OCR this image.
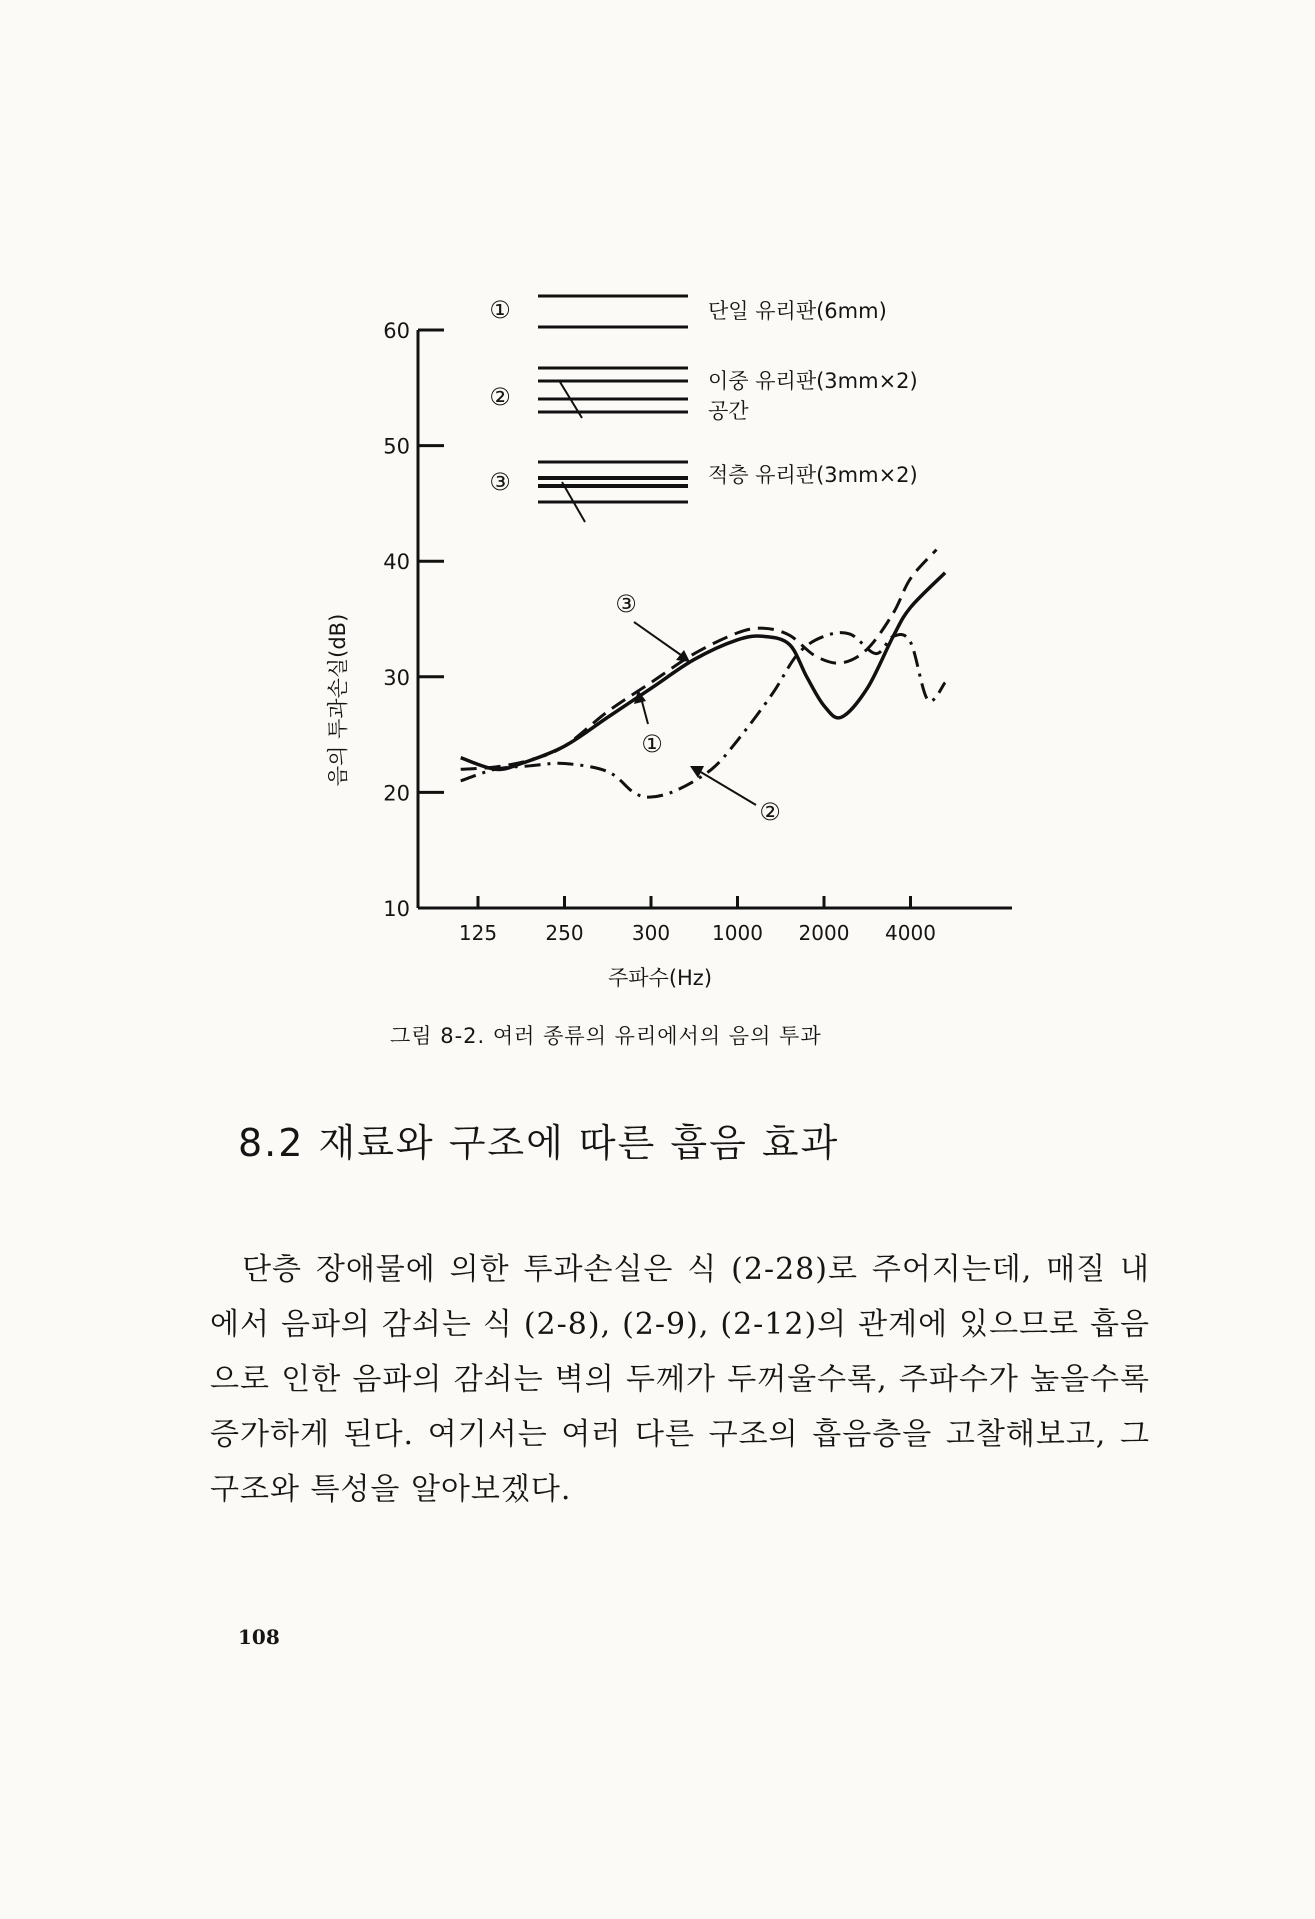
60
50
40
30
20
10
125 250 300 1000 2000 4000
음의 투과손실(dB)
주파수(Hz)
①	단일 유리판(6mm)
②
이중 유리판(3mm×2)
공간
③	적층 유리판(3mm×2)
③
①
②
그림 8-2. 여러 종류의 유리에서의 음의 투과
8.2 재료와 구조에 따른 흡음 효과

단층 장애물에 의한 투과손실은 식 (2-28)로 주어지는데, 매질 내에서 음파의 감쇠는 식 (2-8), (2-9), (2-12)의 관계에 있으므로 흡음으로 인한 음파의 감쇠는 벽의 두께가 두꺼울수록, 주파수가 높을수록 증가하게 된다. 여기서는 여러 다른 구조의 흡음층을 고찰해보고, 그 구조와 특성을 알아보겠다.

108
